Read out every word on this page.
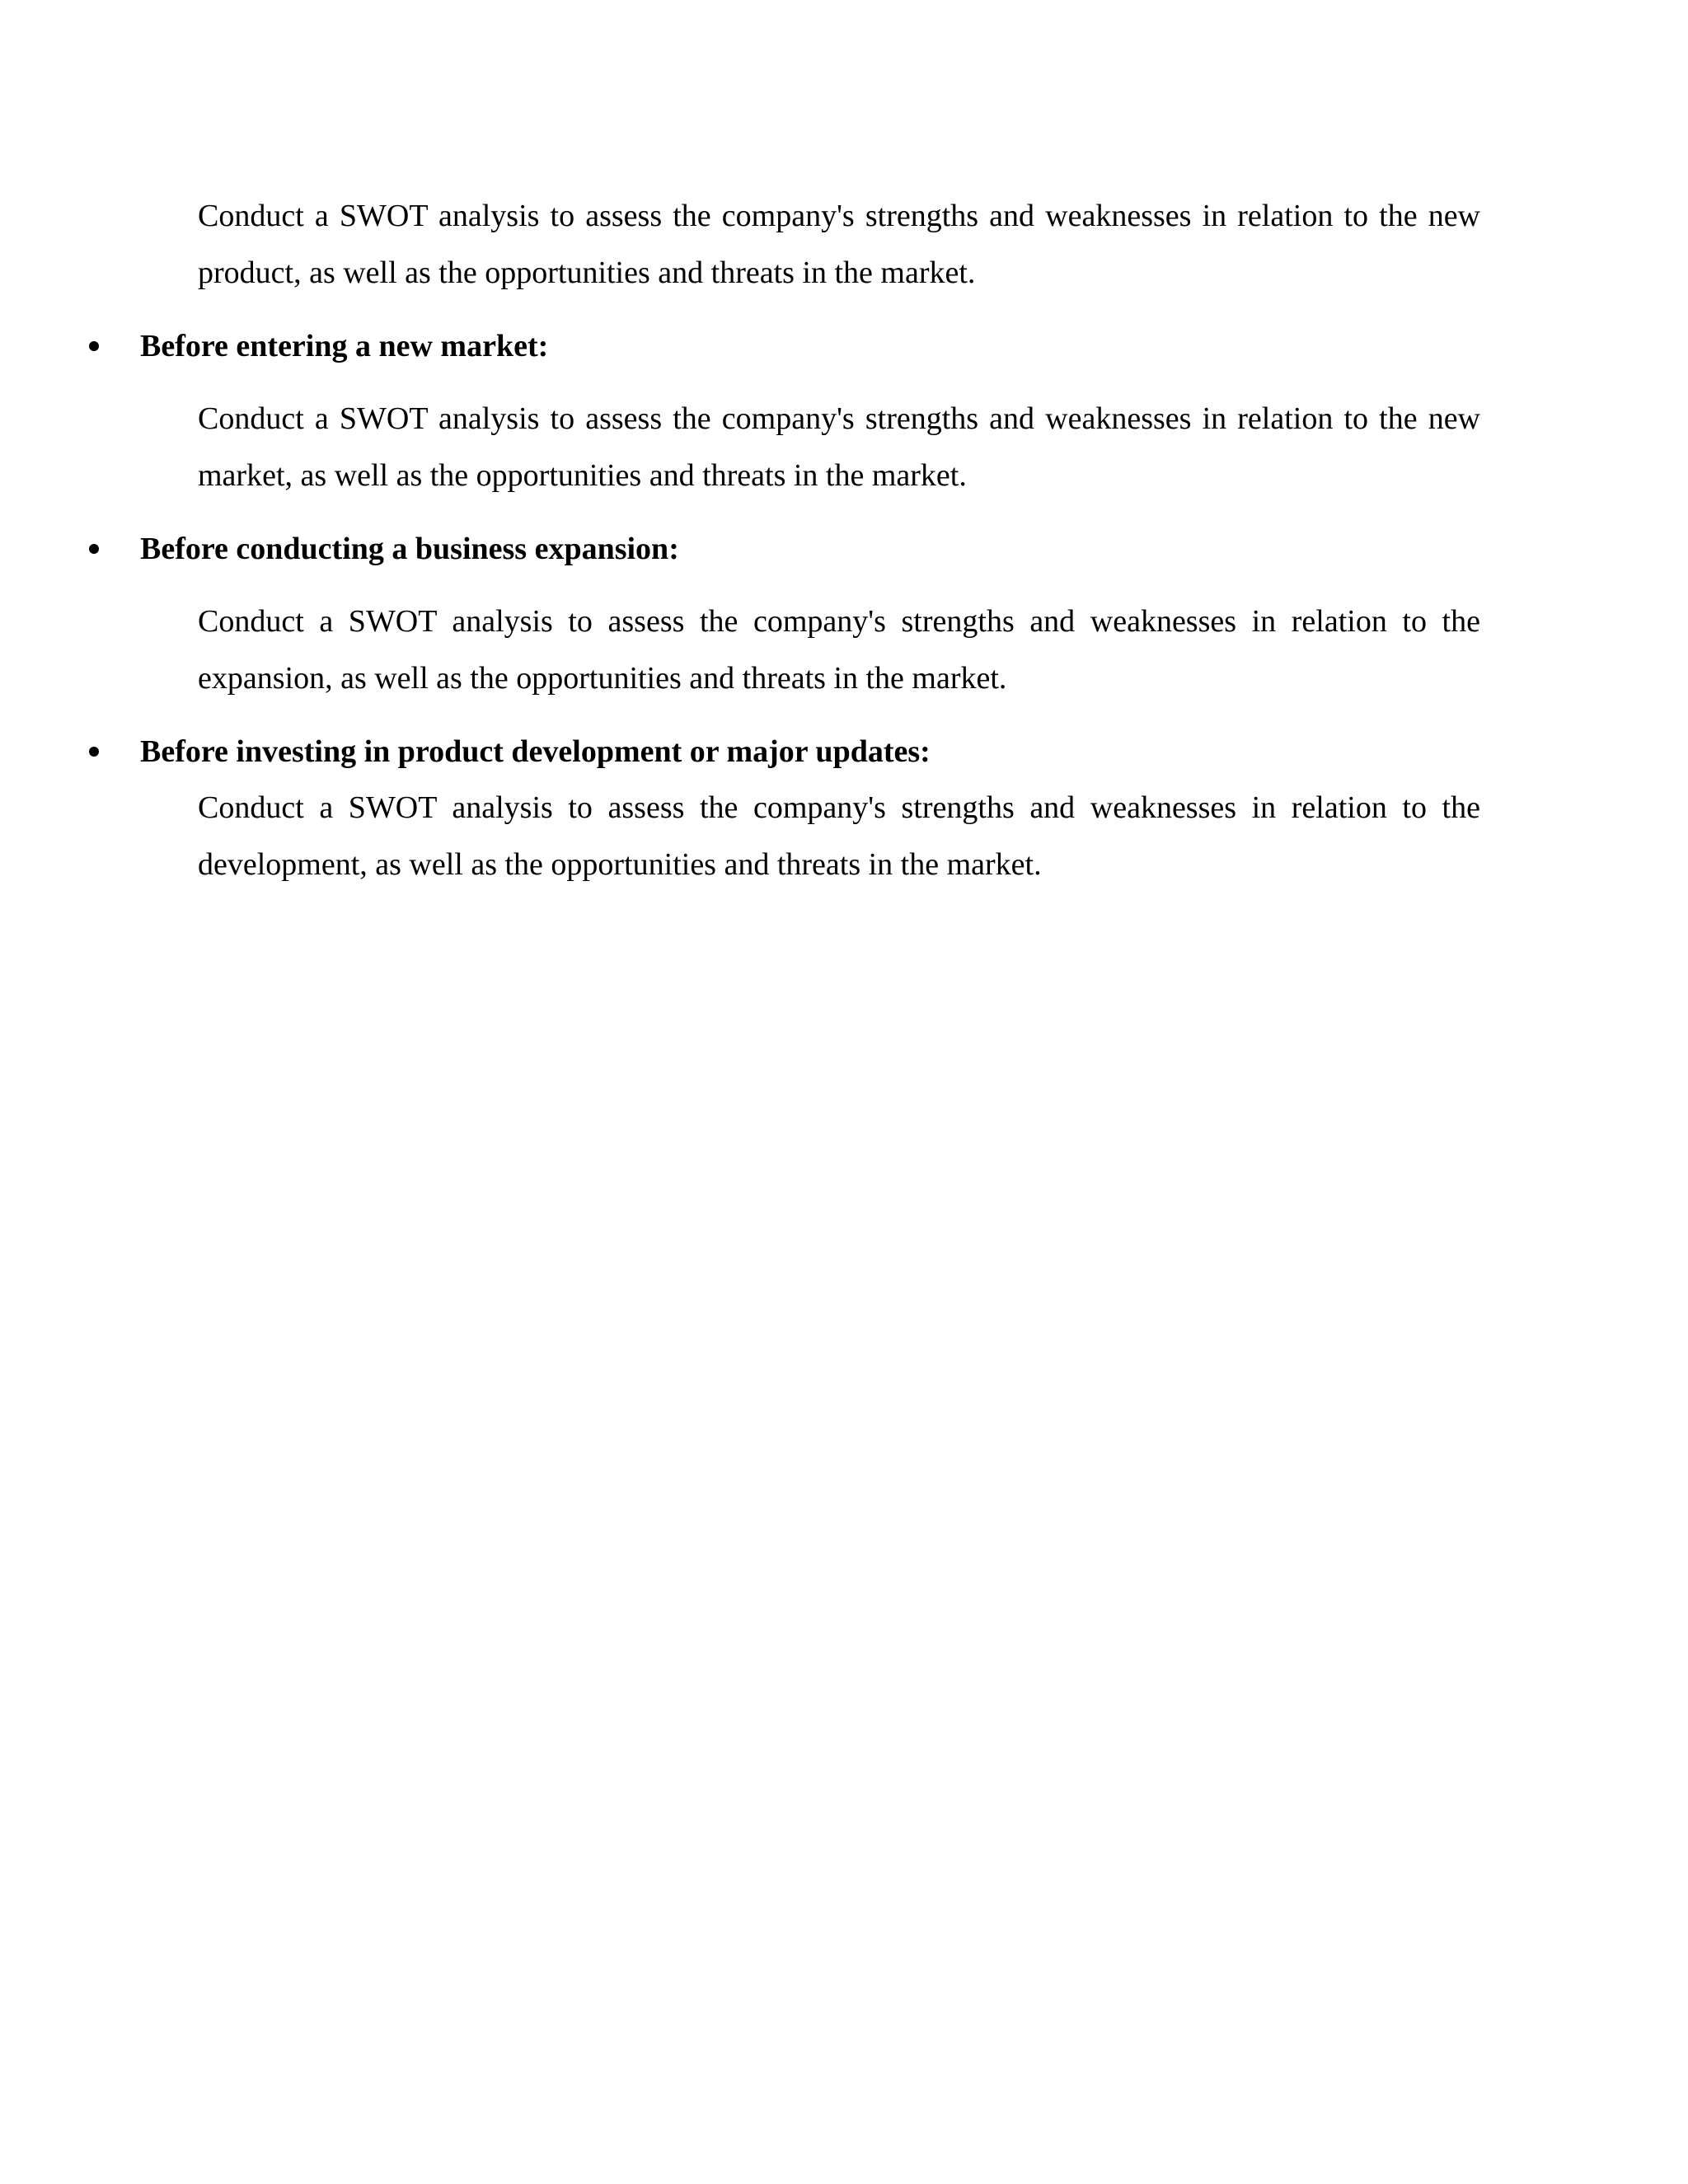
Conduct a SWOT analysis to assess the company's strengths and weaknesses in relation to the new product, as well as the opportunities and threats in the market.

Before entering a new market:

Conduct a SWOT analysis to assess the company's strengths and weaknesses in relation to the new market, as well as the opportunities and threats in the market.

Before conducting a business expansion:

Conduct a SWOT analysis to assess the company's strengths and weaknesses in relation to the expansion, as well as the opportunities and threats in the market.

Before investing in product development or major updates:

Conduct a SWOT analysis to assess the company's strengths and weaknesses in relation to the development, as well as the opportunities and threats in the market.
